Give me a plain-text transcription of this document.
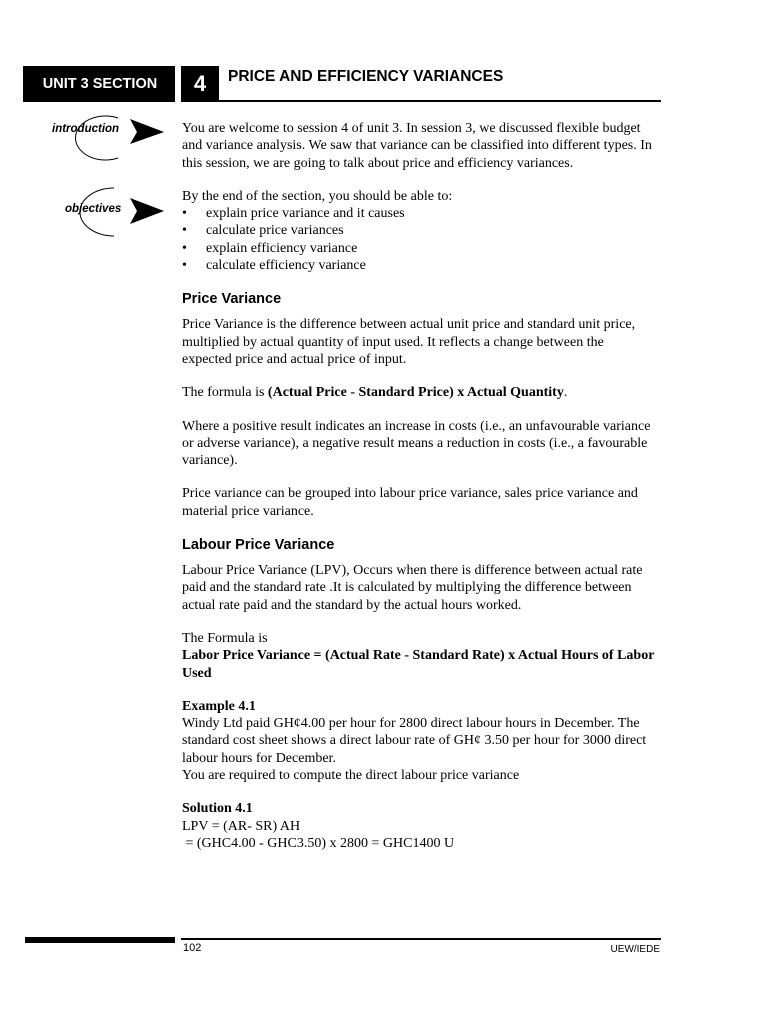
UNIT 3 SECTION	4	PRICE AND EFFICIENCY VARIANCES
introduction
objectives

You are welcome to session 4 of unit 3. In session 3, we discussed flexible budget and variance analysis. We saw that variance can be classified into different types. In this session, we are going to talk about price and efficiency variances.

By the end of the section, you should be able to:

•	explain price variance and it causes
•	calculate price variances
•	explain efficiency variance
•	calculate efficiency variance
Price Variance

Price Variance is the difference between actual unit price and standard unit price, multiplied by actual quantity of input used. It reflects a change between the expected price and actual price of input.

The formula is (Actual Price - Standard Price) x Actual Quantity.

Where a positive result indicates an increase in costs (i.e., an unfavourable variance or adverse variance), a negative result means a reduction in costs (i.e., a favourable variance).

Price variance can be grouped into labour price variance, sales price variance and material price variance.

Labour Price Variance

Labour Price Variance (LPV), Occurs when there is difference between actual rate paid and the standard rate .It is calculated by multiplying the difference between actual rate paid and the standard by the actual hours worked.

The Formula is
Labor Price Variance = (Actual Rate - Standard Rate) x Actual Hours of Labor Used

Example 4.1
Windy Ltd paid GH¢4.00 per hour for 2800 direct labour hours in December. The standard cost sheet shows a direct labour rate of GH¢ 3.50 per hour for 3000 direct labour hours for December.
You are required to compute the direct labour price variance

Solution 4.1
LPV = (AR- SR) AH
= (GHC4.00 - GHC3.50) x 2800 = GHC1400 U

102	UEW/IEDE
